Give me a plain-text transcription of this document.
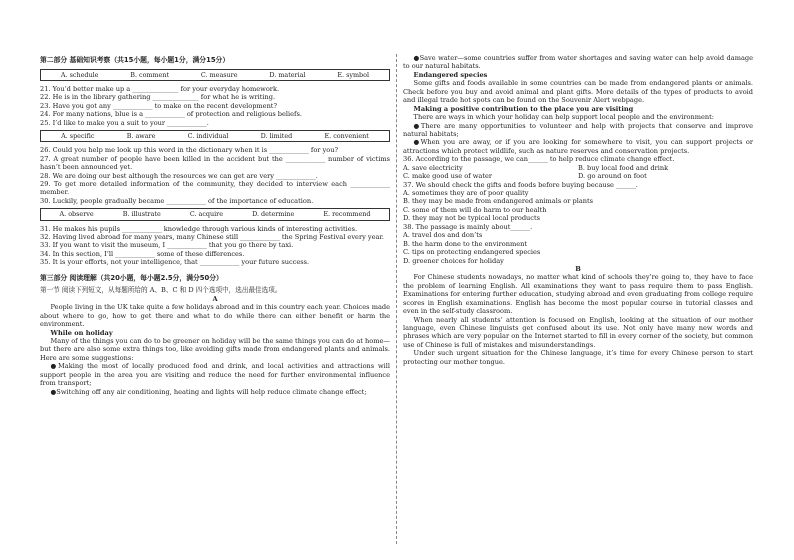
第二部分 基础知识考察（共15小题，每小题1分，满分15分）
A. schedule	B. comment	C. measure	D. material	E. symbol
21. You’d better make up a ______________ for your everyday homework.
22. He is in the library gathering ______________ for what he is writing.
23. Have you got any ____________ to make on the recent development?
24. For many nations, blue is a ____________ of protection and religious beliefs.
25. I’d like to make you a suit to your ____________.
A. specific	B. aware	C. individual	D. limited	E. convenient
26. Could you help me look up this word in the dictionary when it is ____________ for you?
27. A great number of people have been killed in the accident but the ____________ number of victims hasn’t been announced yet.
28. We are doing our best although the resources we can get are very ____________.
29. To get more detailed information of the community, they decided to interview each ____________ member.
30. Luckily, people gradually became ____________ of the importance of education.
A. observe	B. illustrate	C. acquire	D. determine	E. recommend
31. He makes his pupils ____________ knowledge through various kinds of interesting activities.
32. Having lived abroad for many years, many Chinese still ____________ the Spring Festival every year.
33. If you want to visit the museum, I ____________ that you go there by taxi.
34. In this section, I’ll ____________ some of these differences.
35. It is your efforts, not your intelligence, that ____________ your future success.
第三部分 阅读理解（共20小题，每小题2.5分，满分50分）
第一节 阅读下列短文，从每题所给的 A、B、C 和 D 四个选项中，选出最佳选项。
A
People living in the UK take quite a few holidays abroad and in this country each year. Choices made about where to go, how to get there and what to do while there can either benefit or harm the environment.
While on holiday
Many of the things you can do to be greener on holiday will be the same things you can do at home—but there are also some extra things too, like avoiding gifts made from endangered plants and animals. Here are some suggestions:
●Making the most of locally produced food and drink, and local activities and attractions will support people in the area you are visiting and reduce the need for further environmental influence from transport;
●Switching off any air conditioning, heating and lights will help reduce climate change effect;
●Save water—some countries suffer from water shortages and saving water can help avoid damage to our natural habitats.
Endangered species
Some gifts and foods available in some countries can be made from endangered plants or animals. Check before you buy and avoid animal and plant gifts. More details of the types of products to avoid and illegal trade hot spots can be found on the Souvenir Alert webpage.
Making a positive contribution to the place you are visiting
There are ways in which your holiday can help support local people and the environment:
●There are many opportunities to volunteer and help with projects that conserve and improve natural habitats;
●When you are away, or if you are looking for somewhere to visit, you can support projects or attractions which protect wildlife, such as nature reserves and conservation projects.
36. According to the passage, we can______ to help reduce climate change effect.
A. save electricity	B. buy local food and drink
C. make good use of water	D. go around on foot
37. We should check the gifts and foods before buying because ______.
A. sometimes they are of poor quality
B. they may be made from endangered animals or plants
C. some of them will do harm to our health
D. they may not be typical local products
38. The passage is mainly about______.
A. travel dos and don’ts
B. the harm done to the environment
C. tips on protecting endangered species
D. greener choices for holiday
B
For Chinese students nowadays, no matter what kind of schools they’re going to, they have to face the problem of learning English. All examinations they want to pass require them to pass English. Examinations for entering further education, studying abroad and even graduating from college require scores in English examinations. English has become the most popular course in tutorial classes and even in the self-study classroom.
When nearly all students’ attention is focused on English, looking at the situation of our mother language, even Chinese linguists get confused about its use. Not only have many new words and phrases which are very popular on the Internet started to fill in every corner of the society, but common use of Chinese is full of mistakes and misunderstandings.
Under such urgent situation for the Chinese language, it’s time for every Chinese person to start protecting our mother tongue.
